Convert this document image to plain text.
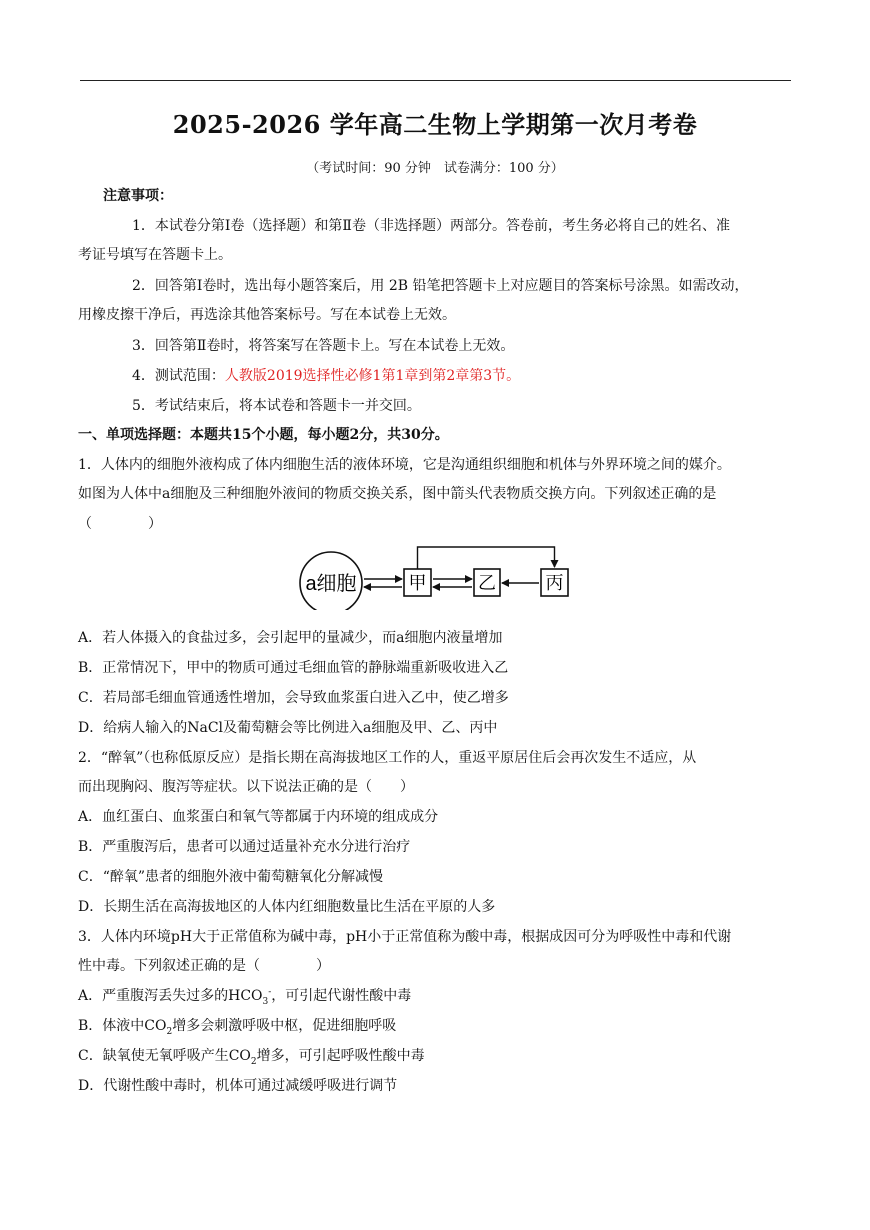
2025-2026 学年高二生物上学期第一次月考卷
（考试时间：90 分钟　试卷满分：100 分）
注意事项：
1．本试卷分第Ⅰ卷（选择题）和第Ⅱ卷（非选择题）两部分。答卷前，考生务必将自己的姓名、准
考证号填写在答题卡上。
2．回答第Ⅰ卷时，选出每小题答案后，用 2B 铅笔把答题卡上对应题目的答案标号涂黑。如需改动，
用橡皮擦干净后，再选涂其他答案标号。写在本试卷上无效。
3．回答第Ⅱ卷时，将答案写在答题卡上。写在本试卷上无效。
4．测试范围：人教版2019选择性必修1第1章到第2章第3节。
5．考试结束后，将本试卷和答题卡一并交回。
一、单项选择题：本题共15个小题，每小题2分，共30分。
1．人体内的细胞外液构成了体内细胞生活的液体环境，它是沟通组织细胞和机体与外界环境之间的媒介。
如图为人体中a细胞及三种细胞外液间的物质交换关系，图中箭头代表物质交换方向。下列叙述正确的是
（　　　　）
a细胞	甲	乙	丙
A．若人体摄入的食盐过多，会引起甲的量减少，而a细胞内液量增加
B．正常情况下，甲中的物质可通过毛细血管的静脉端重新吸收进入乙
C．若局部毛细血管通透性增加，会导致血浆蛋白进入乙中，使乙增多
D．给病人输入的NaCl及葡萄糖会等比例进入a细胞及甲、乙、丙中
2．“醉氧”（也称低原反应）是指长期在高海拔地区工作的人，重返平原居住后会再次发生不适应，从
而出现胸闷、腹泻等症状。以下说法正确的是（　　）
A．血红蛋白、血浆蛋白和氧气等都属于内环境的组成成分
B．严重腹泻后，患者可以通过适量补充水分进行治疗
C．“醉氧”患者的细胞外液中葡萄糖氧化分解减慢
D．长期生活在高海拔地区的人体内红细胞数量比生活在平原的人多
3．人体内环境pH大于正常值称为碱中毒，pH小于正常值称为酸中毒，根据成因可分为呼吸性中毒和代谢
性中毒。下列叙述正确的是（　　　　）
A．严重腹泻丢失过多的$HCO_3^-$，可引起代谢性酸中毒
B．体液中$CO_2$增多会刺激呼吸中枢，促进细胞呼吸
C．缺氧使无氧呼吸产生$CO_2$增多，可引起呼吸性酸中毒
D．代谢性酸中毒时，机体可通过减缓呼吸进行调节
